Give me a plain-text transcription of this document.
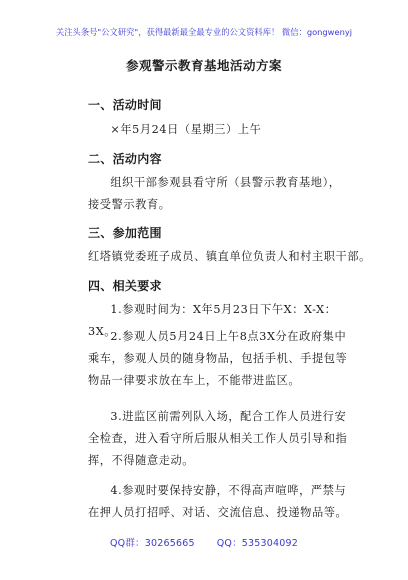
关注头条号"公文研究"，获得最新最全最专业的公文资料库！ 微信：gongwenyj
参观警示教育基地活动方案
一、活动时间
×年5月24日（星期三）上午
二、活动内容
组织干部参观县看守所（县警示教育基地），接受警示教育。
三、参加范围
红塔镇党委班子成员、镇直单位负责人和村主职干部。
四、相关要求
1.参观时间为：X年5月23日下午X：X-X：3X。
2.参观人员5月24日上午8点3X分在政府集中乘车，参观人员的随身物品，包括手机、手提包等物品一律要求放在车上，不能带进监区。
3.进监区前需列队入场，配合工作人员进行安全检查，进入看守所后服从相关工作人员引导和指挥，不得随意走动。
4.参观时要保持安静，不得高声喧哗，严禁与在押人员打招呼、对话、交流信息、投递物品等。
QQ群：30265665 QQ：535304092
